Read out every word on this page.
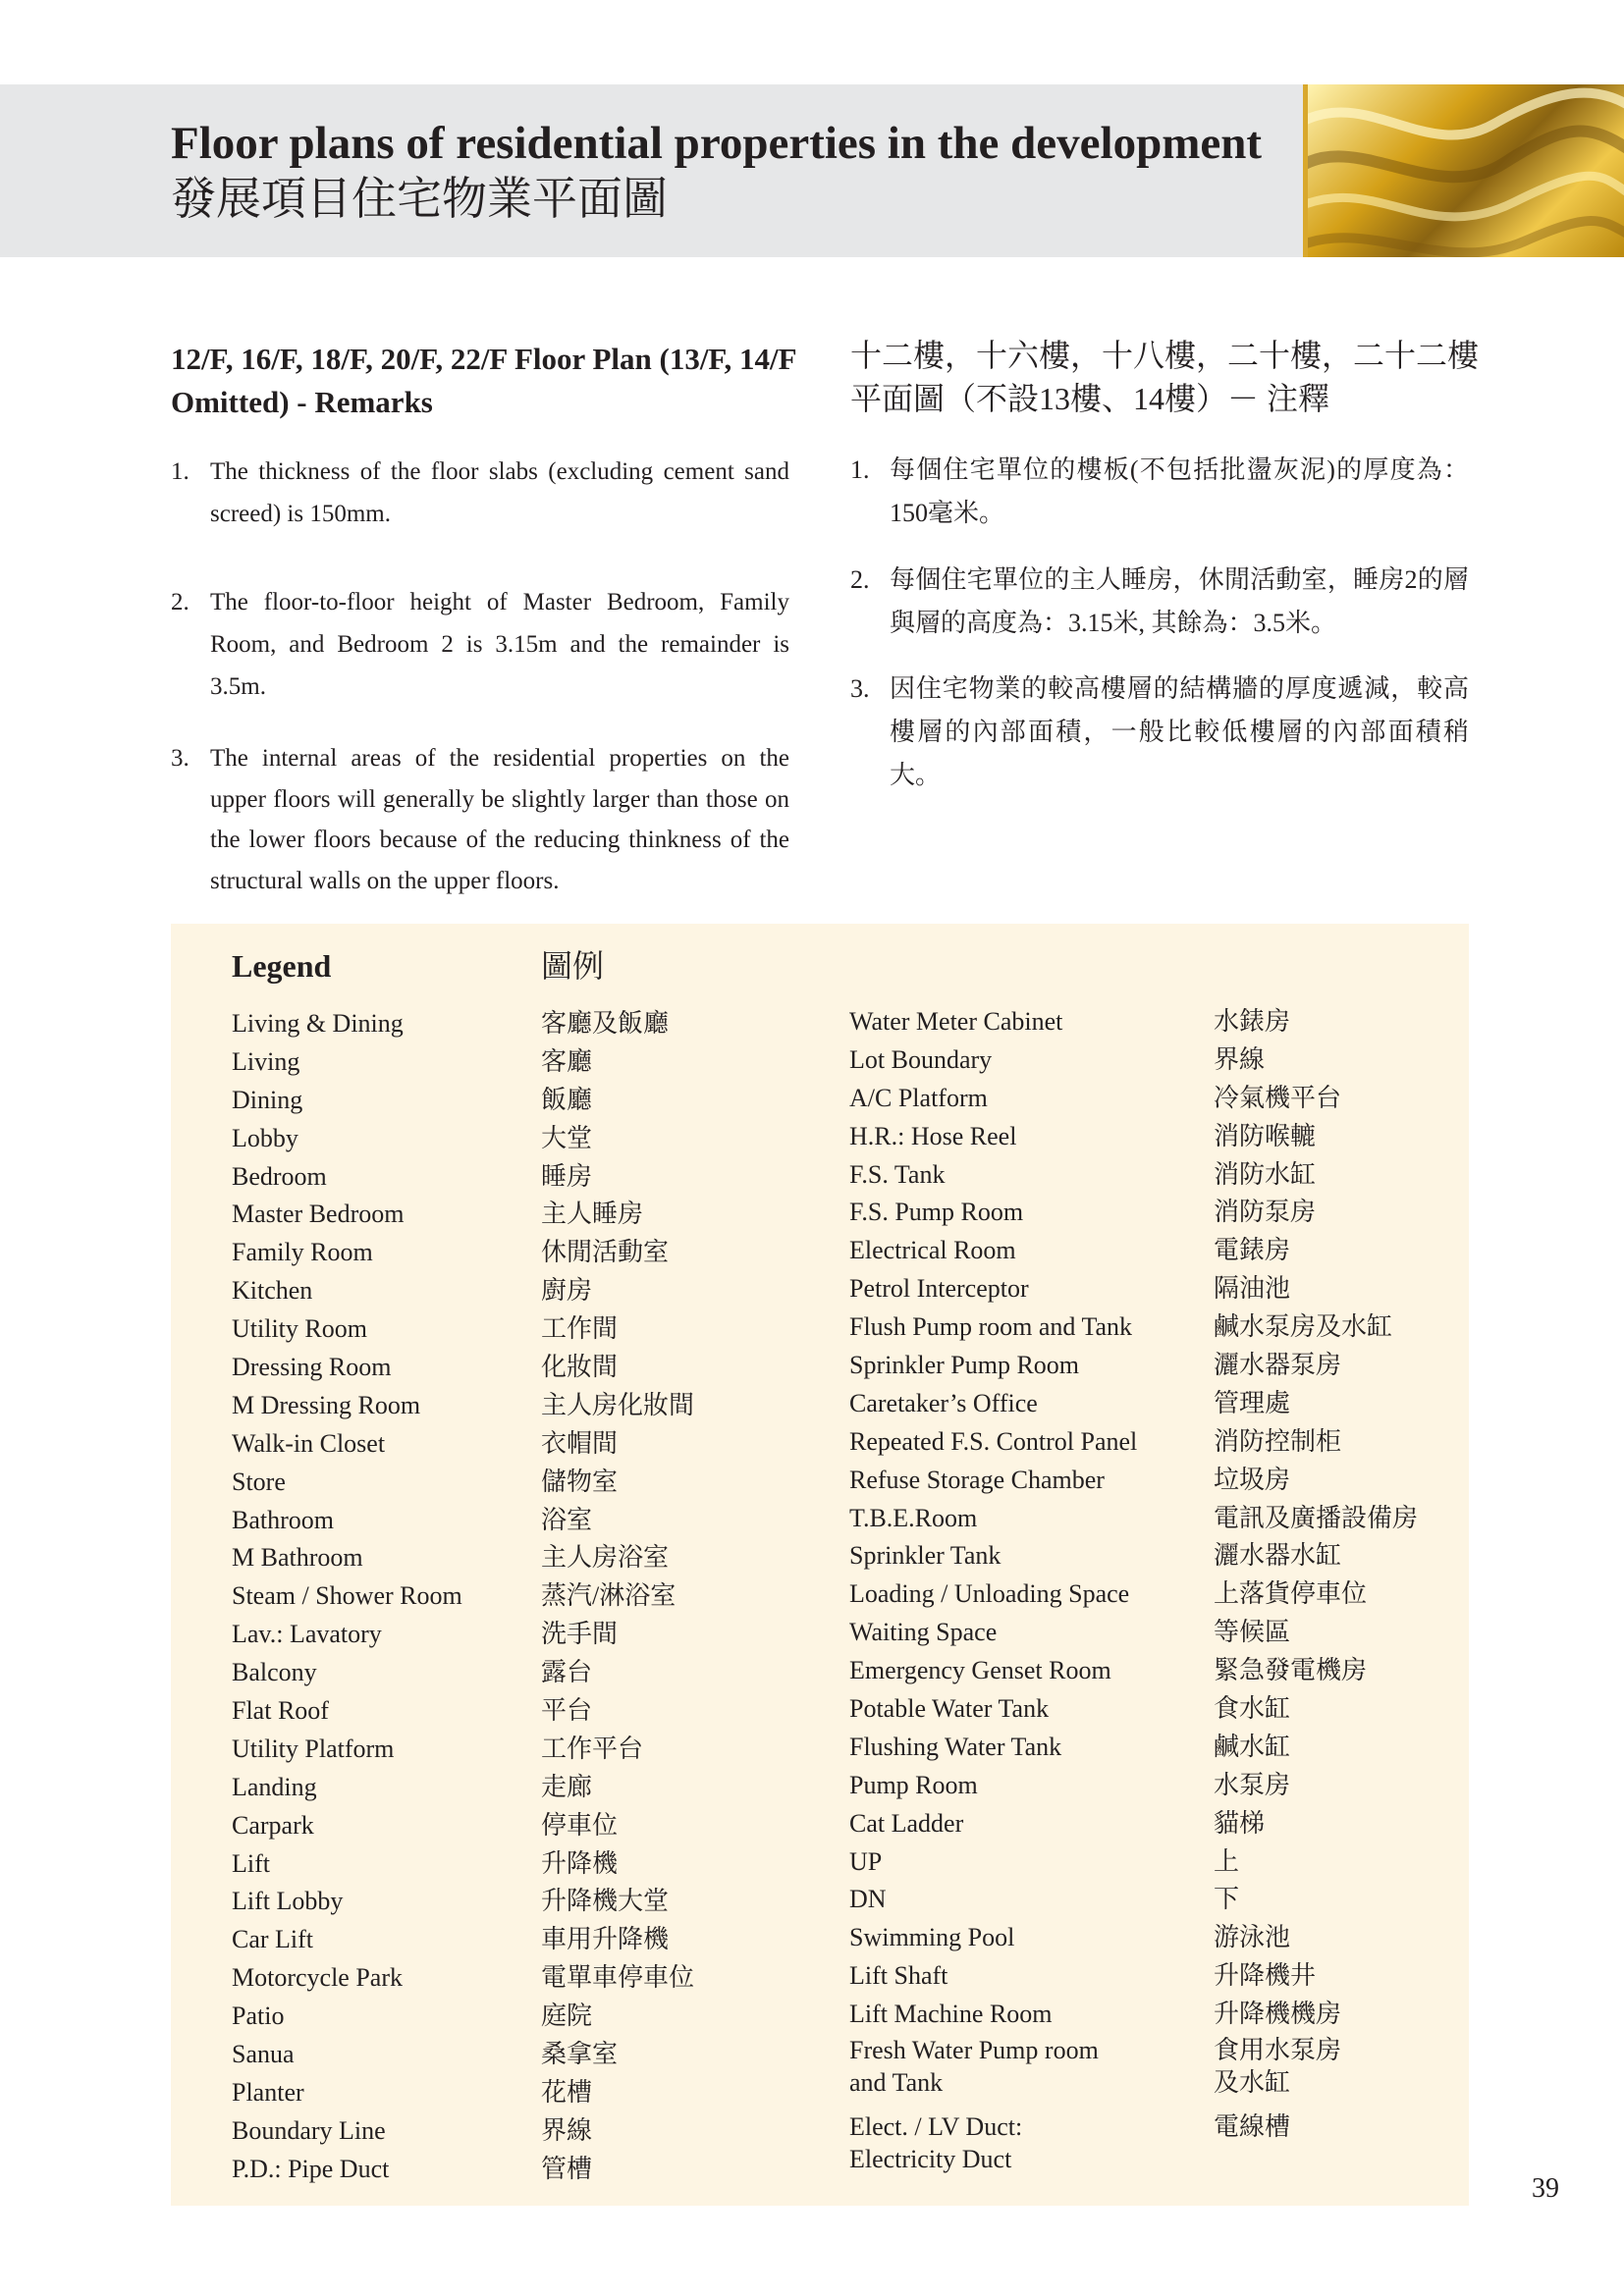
Floor plans of residential properties in the development
發展項目住宅物業平面圖
12/F, 16/F, 18/F, 20/F, 22/F Floor Plan (13/F, 14/F Omitted) - Remarks
十二樓，十六樓，十八樓，二十樓，二十二樓平面圖（不設13樓、14樓）－ 注釋
1. The thickness of the floor slabs (excluding cement sand screed) is 150mm.
2. The floor-to-floor height of Master Bedroom, Family Room, and Bedroom 2 is 3.15m and the remainder is 3.5m.
3. The internal areas of the residential properties on the upper floors will generally be slightly larger than those on the lower floors because of the reducing thinkness of the structural walls on the upper floors.
1. 每個住宅單位的樓板(不包括批盪灰泥)的厚度為：150毫米。
2. 每個住宅單位的主人睡房，休閒活動室，睡房2的層與層的高度為：3.15米, 其餘為：3.5米。
3. 因住宅物業的較高樓層的結構牆的厚度遞減，較高樓層的內部面積，一般比較低樓層的內部面積稍大。
Legend	圖例
Living & Dining
Living
Dining
Lobby
Bedroom
Master Bedroom
Family Room
Kitchen
Utility Room
Dressing Room
M Dressing Room
Walk-in Closet
Store
Bathroom
M Bathroom
Steam / Shower Room
Lav.: Lavatory
Balcony
Flat Roof
Utility Platform
Landing
Carpark
Lift
Lift Lobby
Car Lift
Motorcycle Park
Patio
Sanua
Planter
Boundary Line
P.D.: Pipe Duct
客廳及飯廳
客廳
飯廳
大堂
睡房
主人睡房
休閒活動室
廚房
工作間
化妝間
主人房化妝間
衣帽間
儲物室
浴室
主人房浴室
蒸汽/淋浴室
洗手間
露台
平台
工作平台
走廊
停車位
升降機
升降機大堂
車用升降機
電單車停車位
庭院
桑拿室
花槽
界線
管槽
Water Meter Cabinet
Lot Boundary
A/C Platform
H.R.: Hose Reel
F.S. Tank
F.S. Pump Room
Electrical Room
Petrol Interceptor
Flush Pump room and Tank
Sprinkler Pump Room
Caretaker’s Office
Repeated F.S. Control Panel
Refuse Storage Chamber
T.B.E.Room
Sprinkler Tank
Loading / Unloading Space
Waiting Space
Emergency Genset Room
Potable Water Tank
Flushing Water Tank
Pump Room
Cat Ladder
UP
DN
Swimming Pool
Lift Shaft
Lift Machine Room
Fresh Water Pump room
and Tank
Elect. / LV Duct:
Electricity Duct
水錶房
界線
冷氣機平台
消防喉轆
消防水缸
消防泵房
電錶房
隔油池
鹹水泵房及水缸
灑水器泵房
管理處
消防控制柜
垃圾房
電訊及廣播設備房
灑水器水缸
上落貨停車位
等候區
緊急發電機房
食水缸
鹹水缸
水泵房
貓梯
上
下
游泳池
升降機井
升降機機房
食用水泵房
及水缸
電線槽
39
